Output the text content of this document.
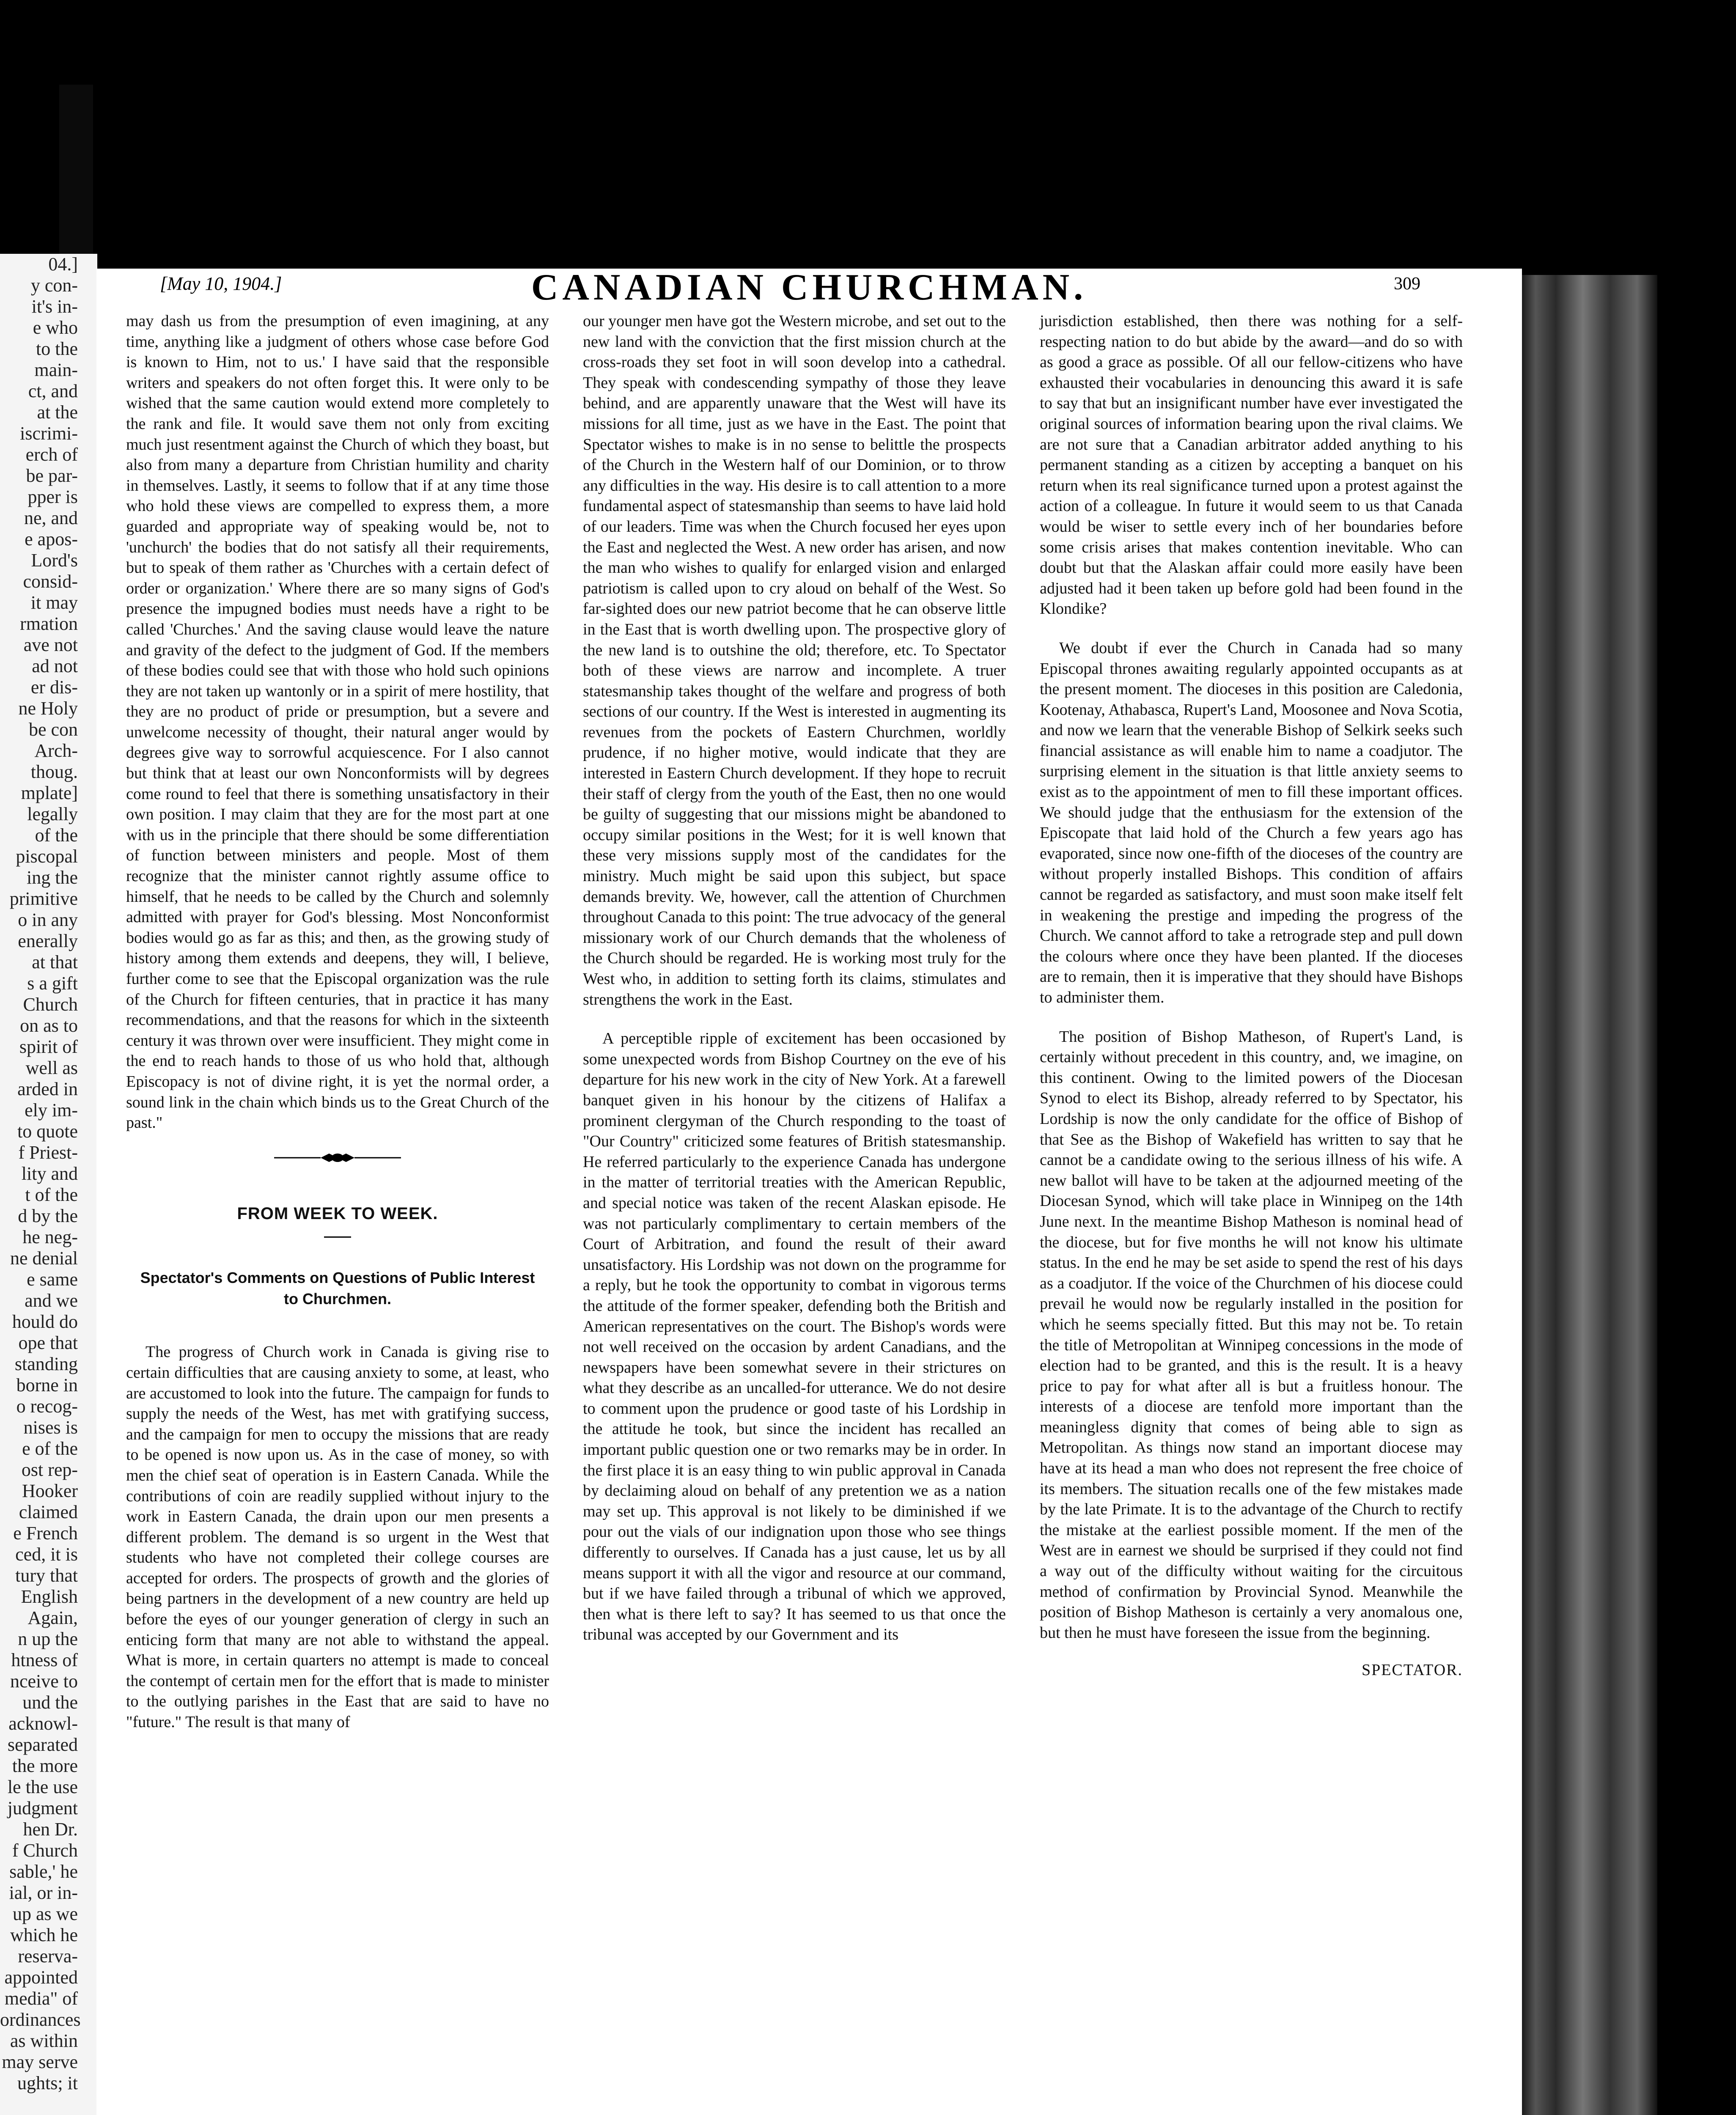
04.]
y con-
it's in-
e who
to the
main-
ct, and
at the
iscrimi-
erch of
be par-
pper is
ne, and
e apos-
Lord's
consid-
it may
rmation
ave not
ad not
er dis-
ne Holy
be con
Arch-
thoug.
mplate]
legally
of the
piscopal
ing the
primitive
o in any
enerally
at that
s a gift
Church
on as to
spirit of
well as
arded in
ely im-
to quote
f Priest-
lity and
t of the
d by the
he neg-
ne denial
e same
and we
hould do
ope that
standing
borne in
o recog-
nises is
e of the
ost rep-
Hooker
claimed
e French
ced, it is
tury that
English
Again,
n up the
htness of
nceive to
und the
acknowl-
separated
the more
le the use
judgment
hen Dr.
f Church
sable,' he
ial, or in-
up as we
which he
reserva-
appointed
media" of
ordinances
as within
may serve
ughts; it
[May 10, 1904.]	CANADIAN CHURCHMAN.	309

may dash us from the presumption of even imagining, at any time, anything like a judgment of others whose case before God is known to Him, not to us.' I have said that the responsible writers and speakers do not often forget this. It were only to be wished that the same caution would extend more completely to the rank and file. It would save them not only from exciting much just resentment against the Church of which they boast, but also from many a departure from Christian humility and charity in themselves. Lastly, it seems to follow that if at any time those who hold these views are compelled to express them, a more guarded and appropriate way of speaking would be, not to 'unchurch' the bodies that do not satisfy all their requirements, but to speak of them rather as 'Churches with a certain defect of order or organization.' Where there are so many signs of God's presence the impugned bodies must needs have a right to be called 'Churches.' And the saving clause would leave the nature and gravity of the defect to the judgment of God. If the members of these bodies could see that with those who hold such opinions they are not taken up wantonly or in a spirit of mere hostility, that they are no product of pride or presumption, but a severe and unwelcome necessity of thought, their natural anger would by degrees give way to sorrowful acquiescence. For I also cannot but think that at least our own Nonconformists will by degrees come round to feel that there is something unsatisfactory in their own position. I may claim that they are for the most part at one with us in the principle that there should be some differentiation of function between ministers and people. Most of them recognize that the minister cannot rightly assume office to himself, that he needs to be called by the Church and solemnly admitted with prayer for God's blessing. Most Nonconformist bodies would go as far as this; and then, as the growing study of history among them extends and deepens, they will, I believe, further come to see that the Episcopal organization was the rule of the Church for fifteen centuries, that in practice it has many recommendations, and that the reasons for which in the sixteenth century it was thrown over were insufficient. They might come in the end to reach hands to those of us who hold that, although Episcopacy is not of divine right, it is yet the normal order, a sound link in the chain which binds us to the Great Church of the past."

FROM WEEK TO WEEK.
Spectator's Comments on Questions of Public Interest to Churchmen.

The progress of Church work in Canada is giving rise to certain difficulties that are causing anxiety to some, at least, who are accustomed to look into the future. The campaign for funds to supply the needs of the West, has met with gratifying success, and the campaign for men to occupy the missions that are ready to be opened is now upon us. As in the case of money, so with men the chief seat of operation is in Eastern Canada. While the contributions of coin are readily supplied without injury to the work in Eastern Canada, the drain upon our men presents a different problem. The demand is so urgent in the West that students who have not completed their college courses are accepted for orders. The prospects of growth and the glories of being partners in the development of a new country are held up before the eyes of our younger generation of clergy in such an enticing form that many are not able to withstand the appeal. What is more, in certain quarters no attempt is made to conceal the contempt of certain men for the effort that is made to minister to the outlying parishes in the East that are said to have no "future." The result is that many of

our younger men have got the Western microbe, and set out to the new land with the conviction that the first mission church at the cross-roads they set foot in will soon develop into a cathedral. They speak with condescending sympathy of those they leave behind, and are apparently unaware that the West will have its missions for all time, just as we have in the East. The point that Spectator wishes to make is in no sense to belittle the prospects of the Church in the Western half of our Dominion, or to throw any difficulties in the way. His desire is to call attention to a more fundamental aspect of statesmanship than seems to have laid hold of our leaders. Time was when the Church focused her eyes upon the East and neglected the West. A new order has arisen, and now the man who wishes to qualify for enlarged vision and enlarged patriotism is called upon to cry aloud on behalf of the West. So far-sighted does our new patriot become that he can observe little in the East that is worth dwelling upon. The prospective glory of the new land is to outshine the old; therefore, etc. To Spectator both of these views are narrow and incomplete. A truer statesmanship takes thought of the welfare and progress of both sections of our country. If the West is interested in augmenting its revenues from the pockets of Eastern Churchmen, worldly prudence, if no higher motive, would indicate that they are interested in Eastern Church development. If they hope to recruit their staff of clergy from the youth of the East, then no one would be guilty of suggesting that our missions might be abandoned to occupy similar positions in the West; for it is well known that these very missions supply most of the candidates for the ministry. Much might be said upon this subject, but space demands brevity. We, however, call the attention of Churchmen throughout Canada to this point: The true advocacy of the general missionary work of our Church demands that the wholeness of the Church should be regarded. He is working most truly for the West who, in addition to setting forth its claims, stimulates and strengthens the work in the East.

A perceptible ripple of excitement has been occasioned by some unexpected words from Bishop Courtney on the eve of his departure for his new work in the city of New York. At a farewell banquet given in his honour by the citizens of Halifax a prominent clergyman of the Church responding to the toast of "Our Country" criticized some features of British statesmanship. He referred particularly to the experience Canada has undergone in the matter of territorial treaties with the American Republic, and special notice was taken of the recent Alaskan episode. He was not particularly complimentary to certain members of the Court of Arbitration, and found the result of their award unsatisfactory. His Lordship was not down on the programme for a reply, but he took the opportunity to combat in vigorous terms the attitude of the former speaker, defending both the British and American representatives on the court. The Bishop's words were not well received on the occasion by ardent Canadians, and the newspapers have been somewhat severe in their strictures on what they describe as an uncalled-for utterance. We do not desire to comment upon the prudence or good taste of his Lordship in the attitude he took, but since the incident has recalled an important public question one or two remarks may be in order. In the first place it is an easy thing to win public approval in Canada by declaiming aloud on behalf of any pretention we as a nation may set up. This approval is not likely to be diminished if we pour out the vials of our indignation upon those who see things differently to ourselves. If Canada has a just cause, let us by all means support it with all the vigor and resource at our command, but if we have failed through a tribunal of which we approved, then what is there left to say? It has seemed to us that once the tribunal was accepted by our Government and its

jurisdiction established, then there was nothing for a self-respecting nation to do but abide by the award—and do so with as good a grace as possible. Of all our fellow-citizens who have exhausted their vocabularies in denouncing this award it is safe to say that but an insignificant number have ever investigated the original sources of information bearing upon the rival claims. We are not sure that a Canadian arbitrator added anything to his permanent standing as a citizen by accepting a banquet on his return when its real significance turned upon a protest against the action of a colleague. In future it would seem to us that Canada would be wiser to settle every inch of her boundaries before some crisis arises that makes contention inevitable. Who can doubt but that the Alaskan affair could more easily have been adjusted had it been taken up before gold had been found in the Klondike?

We doubt if ever the Church in Canada had so many Episcopal thrones awaiting regularly appointed occupants as at the present moment. The dioceses in this position are Caledonia, Kootenay, Athabasca, Rupert's Land, Moosonee and Nova Scotia, and now we learn that the venerable Bishop of Selkirk seeks such financial assistance as will enable him to name a coadjutor. The surprising element in the situation is that little anxiety seems to exist as to the appointment of men to fill these important offices. We should judge that the enthusiasm for the extension of the Episcopate that laid hold of the Church a few years ago has evaporated, since now one-fifth of the dioceses of the country are without properly installed Bishops. This condition of affairs cannot be regarded as satisfactory, and must soon make itself felt in weakening the prestige and impeding the progress of the Church. We cannot afford to take a retrograde step and pull down the colours where once they have been planted. If the dioceses are to remain, then it is imperative that they should have Bishops to administer them.

The position of Bishop Matheson, of Rupert's Land, is certainly without precedent in this country, and, we imagine, on this continent. Owing to the limited powers of the Diocesan Synod to elect its Bishop, already referred to by Spectator, his Lordship is now the only candidate for the office of Bishop of that See as the Bishop of Wakefield has written to say that he cannot be a candidate owing to the serious illness of his wife. A new ballot will have to be taken at the adjourned meeting of the Diocesan Synod, which will take place in Winnipeg on the 14th June next. In the meantime Bishop Matheson is nominal head of the diocese, but for five months he will not know his ultimate status. In the end he may be set aside to spend the rest of his days as a coadjutor. If the voice of the Churchmen of his diocese could prevail he would now be regularly installed in the position for which he seems specially fitted. But this may not be. To retain the title of Metropolitan at Winnipeg concessions in the mode of election had to be granted, and this is the result. It is a heavy price to pay for what after all is but a fruitless honour. The interests of a diocese are tenfold more important than the meaningless dignity that comes of being able to sign as Metropolitan. As things now stand an important diocese may have at its head a man who does not represent the free choice of its members. The situation recalls one of the few mistakes made by the late Primate. It is to the advantage of the Church to rectify the mistake at the earliest possible moment. If the men of the West are in earnest we should be surprised if they could not find a way out of the difficulty without waiting for the circuitous method of confirmation by Provincial Synod. Meanwhile the position of Bishop Matheson is certainly a very anomalous one, but then he must have foreseen the issue from the beginning.

SPECTATOR.
